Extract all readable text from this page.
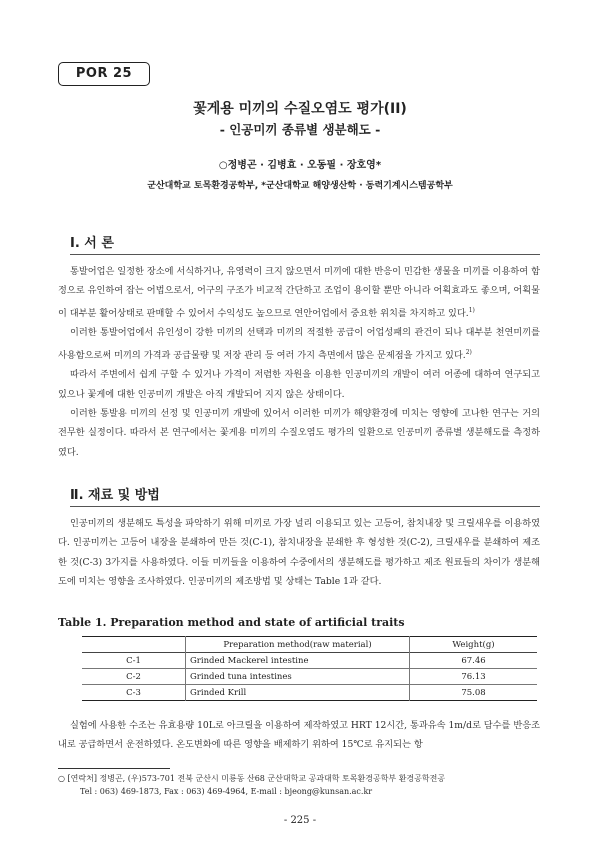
POR 25
꽃게용 미끼의 수질오염도 평가(II)
- 인공미끼 종류별 생분해도 -
○정병곤 · 김병효 · 오동필 · 장호영*
군산대학교 토목환경공학부, *군산대학교 해양생산학 · 동력기계시스템공학부
Ⅰ. 서 론

통발어업은 일정한 장소에 서식하거나, 유영력이 크지 않으면서 미끼에 대한 반응이 민감한 생물을 미끼를 이용하여 함정으로 유인하여 잡는 어법으로서, 어구의 구조가 비교적 간단하고 조업이 용이할 뿐만 아니라 어획효과도 좋으며, 어획물이 대부분 활어상태로 판매할 수 있어서 수익성도 높으므로 연안어업에서 중요한 위치를 차지하고 있다.$^{1)}$

이러한 통발어업에서 유인성이 강한 미끼의 선택과 미끼의 적절한 공급이 어업성패의 관건이 되나 대부분 천연미끼를 사용함으로써 미끼의 가격과 공급물량 및 저장 관리 등 여러 가지 측면에서 많은 문제점을 가지고 있다.$^{2)}$

따라서 주변에서 쉽게 구할 수 있거나 가격이 저렴한 자원을 이용한 인공미끼의 개발이 여러 어종에 대하여 연구되고 있으나 꽃게에 대한 인공미끼 개발은 아직 개발되어 지지 않은 상태이다.

이러한 통발용 미끼의 선정 및 인공미끼 개발에 있어서 이러한 미끼가 해양환경에 미치는 영향에 고나한 연구는 거의 전무한 실정이다. 따라서 본 연구에서는 꽃게용 미끼의 수질오염도 평가의 일환으로 인공미끼 종류별 생분해도를 측정하였다.

Ⅱ. 재료 및 방법

인공미끼의 생분해도 특성을 파악하기 위해 미끼로 가장 널리 이용되고 있는 고등어, 참치내장 및 크릴새우를 이용하였다. 인공미끼는 고등어 내장을 분쇄하여 만든 것(C-1), 참치내장을 분쇄한 후 형성한 것(C-2), 크릴새우를 분쇄하여 제조한 것(C-3) 3가지를 사용하였다. 이들 미끼들을 이용하여 수중에서의 생분해도를 평가하고 제조 원료들의 차이가 생분해도에 미치는 영향을 조사하였다. 인공미끼의 제조방법 및 상태는 Table 1과 같다.

Table 1. Preparation method and state of artificial traits
	Preparation method(raw material)	Weight(g)
C-1	Grinded Mackerel intestine	67.46
C-2	Grinded tuna intestines	76.13
C-3	Grinded Krill	75.08

실험에 사용한 수조는 유효용량 10L로 아크릴을 이용하여 제작하였고 HRT 12시간, 통과유속 1m/d로 담수를 반응조 내로 공급하면서 운전하였다. 온도변화에 따른 영향을 배제하기 위하여 15℃로 유지되는 항

○ [연락처] 정병곤, (우)573-701 전북 군산시 미룡동 산68 군산대학교 공과대학 토목환경공학부 환경공학전공
Tel : 063) 469-1873, Fax : 063) 469-4964, E-mail : bjeong@kunsan.ac.kr
- 225 -
